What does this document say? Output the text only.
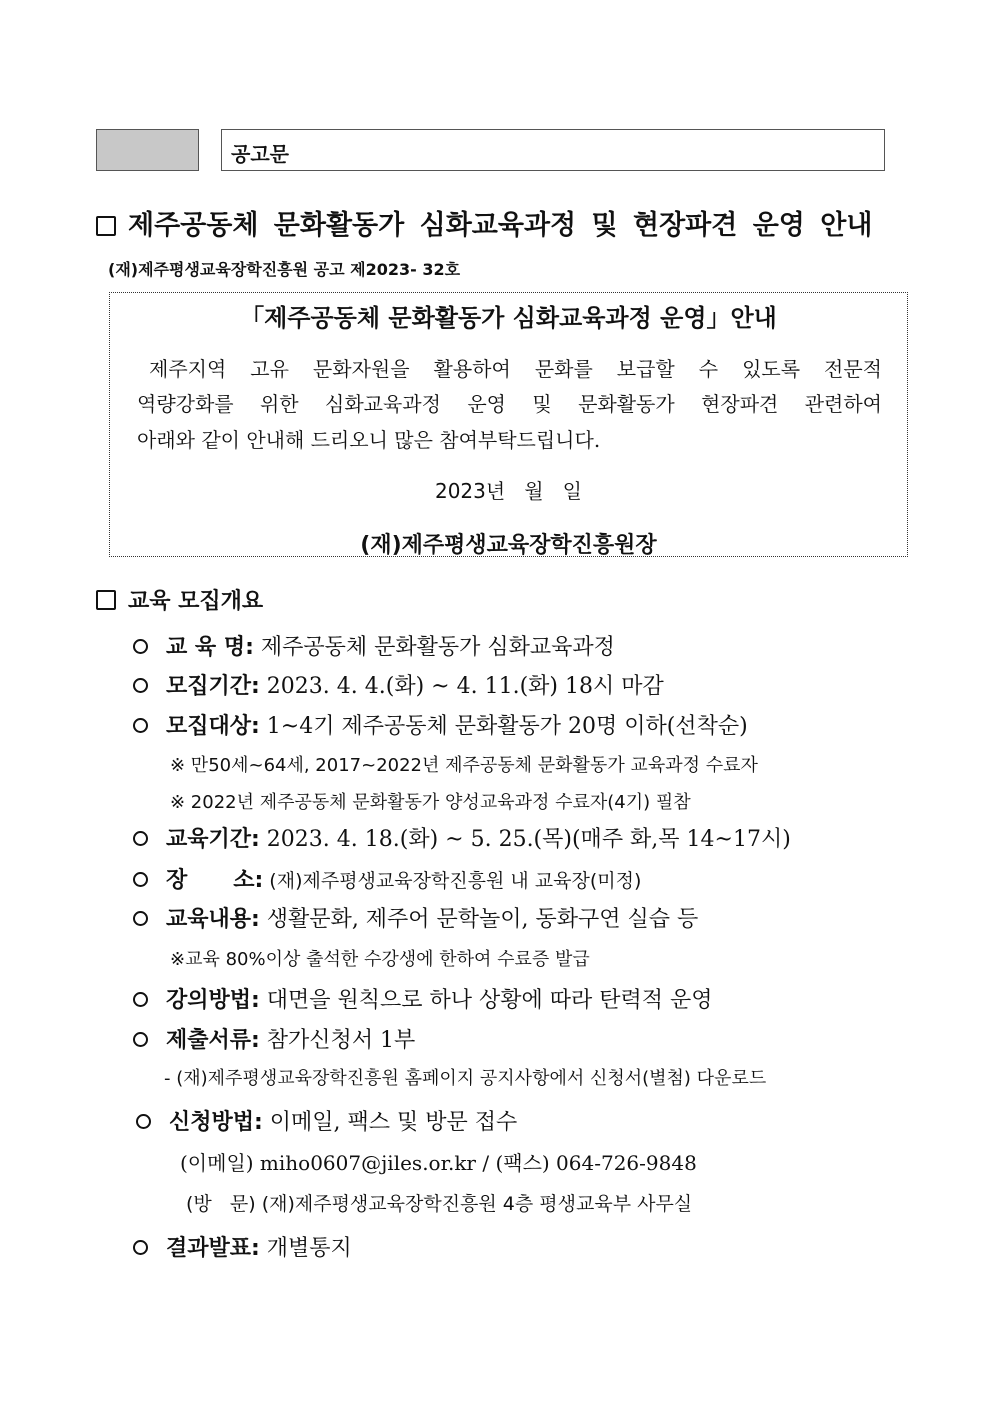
공고문
제주공동체 문화활동가 심화교육과정 및 현장파견 운영 안내
(재)제주평생교육장학진흥원 공고 제2023- 32호
「제주공동체 문화활동가 심화교육과정 운영」안내
제주지역 고유 문화자원을 활용하여 문화를 보급할 수 있도록 전문적
역량강화를 위한 심화교육과정 운영 및 문화활동가 현장파견 관련하여
아래와 같이 안내해 드리오니 많은 참여부탁드립니다.
2023년   월   일
(재)제주평생교육장학진흥원장
교육 모집개요
교 육 명: 제주공동체 문화활동가 심화교육과정
모집기간: 2023. 4. 4.(화) ~ 4. 11.(화) 18시 마감
모집대상: 1~4기 제주공동체 문화활동가 20명 이하(선착순)
※ 만50세~64세, 2017~2022년 제주공동체 문화활동가 교육과정 수료자
※ 2022년 제주공동체 문화활동가 양성교육과정 수료자(4기) 필참
교육기간: 2023. 4. 18.(화) ~ 5. 25.(목)(매주 화,목 14~17시)
장      소: (재)제주평생교육장학진흥원 내 교육장(미정)
교육내용: 생활문화, 제주어 문학놀이, 동화구연 실습 등
※교육 80%이상 출석한 수강생에 한하여 수료증 발급
강의방법: 대면을 원칙으로 하나 상황에 따라 탄력적 운영
제출서류: 참가신청서 1부
- (재)제주평생교육장학진흥원 홈페이지 공지사항에서 신청서(별첨) 다운로드
신청방법: 이메일, 팩스 및 방문 접수
(이메일) miho0607@jiles.or.kr / (팩스) 064-726-9848
(방   문) (재)제주평생교육장학진흥원 4층 평생교육부 사무실
결과발표: 개별통지
